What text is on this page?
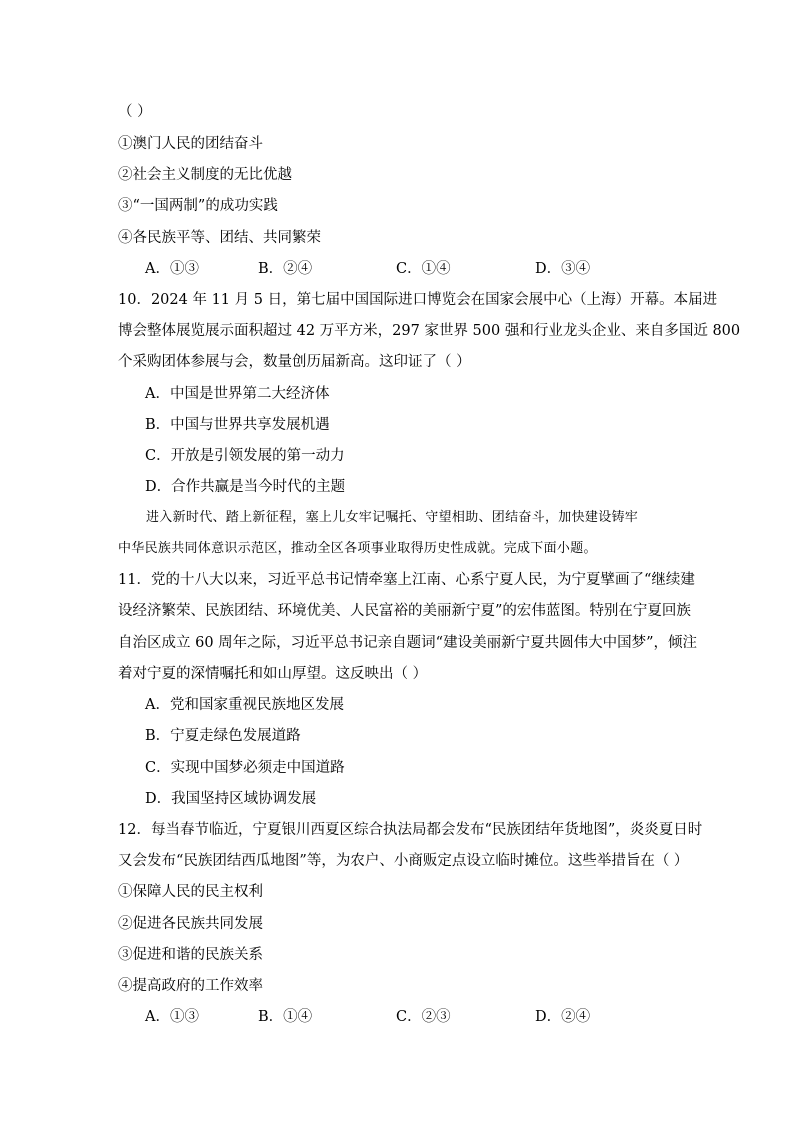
（ ）
①澳门人民的团结奋斗
②社会主义制度的无比优越
③“一国两制”的成功实践
④各民族平等、团结、共同繁荣
A．①③	B．②④	C．①④	D．③④
10．2024 年 11 月 5 日，第七届中国国际进口博览会在国家会展中心（上海）开幕。本届进
博会整体展览展示面积超过 42 万平方米，297 家世界 500 强和行业龙头企业、来自多国近 800
个采购团体参展与会，数量创历届新高。这印证了（ ）
A．中国是世界第二大经济体
B．中国与世界共享发展机遇
C．开放是引领发展的第一动力
D．合作共赢是当今时代的主题
进入新时代、踏上新征程，塞上儿女牢记嘱托、守望相助、团结奋斗，加快建设铸牢
中华民族共同体意识示范区，推动全区各项事业取得历史性成就。完成下面小题。
11．党的十八大以来，习近平总书记情牵塞上江南、心系宁夏人民，为宁夏擘画了“继续建
设经济繁荣、民族团结、环境优美、人民富裕的美丽新宁夏”的宏伟蓝图。特别在宁夏回族
自治区成立 60 周年之际，习近平总书记亲自题词“建设美丽新宁夏共圆伟大中国梦”，倾注
着对宁夏的深情嘱托和如山厚望。这反映出（ ）
A．党和国家重视民族地区发展
B．宁夏走绿色发展道路
C．实现中国梦必须走中国道路
D．我国坚持区域协调发展
12．每当春节临近，宁夏银川西夏区综合执法局都会发布“民族团结年货地图”，炎炎夏日时
又会发布“民族团结西瓜地图”等，为农户、小商贩定点设立临时摊位。这些举措旨在（ ）
①保障人民的民主权利
②促进各民族共同发展
③促进和谐的民族关系
④提高政府的工作效率
A．①③	B．①④	C．②③	D．②④
